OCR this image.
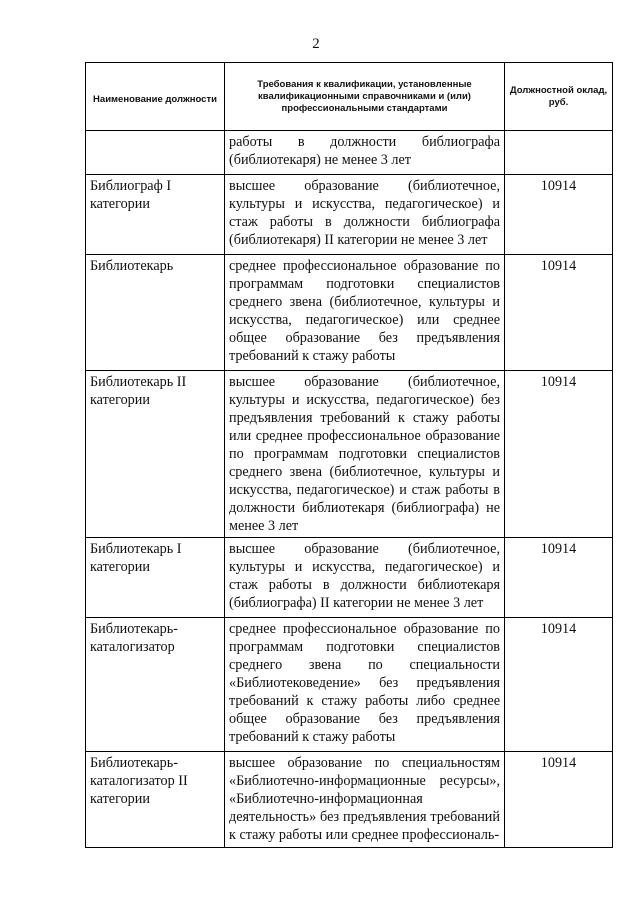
2
Наименование должности	Требования к квалификации, установленные квалификационными справочниками и (или) профессиональными стандартами	Должностной оклад, руб.
	работы в должности библиографа (библиотекаря) не менее 3 лет	
Библиограф I категории	высшее образование (библиотечное, культуры и искусства, педагогическое) и стаж работы в должности библиографа (библиотекаря) II категории не менее 3 лет	10914
Библиотекарь	среднее профессиональное образование по программам подготовки специалистов среднего звена (библиотечное, культуры и искусства, педагогическое) или среднее общее образование без предъявления требований к стажу работы	10914
Библиотекарь II категории	высшее образование (библиотечное, культуры и искусства, педагогическое) без предъявления требований к стажу работы или среднее профессиональное образование по программам подготовки специалистов среднего звена (библиотечное, культуры и искусства, педагогическое) и стаж работы в должности библиотекаря (библиографа) не менее 3 лет	10914
Библиотекарь I категории	высшее образование (библиотечное, культуры и искусства, педагогическое) и стаж работы в должности библиотекаря (библиографа) II категории не менее 3 лет	10914
Библиотекарь-каталогизатор	среднее профессиональное образование по программам подготовки специалистов среднего звена по специальности «Библиотековедение» без предъявления требований к стажу работы либо среднее общее образование без предъявления требований к стажу работы	10914
Библиотекарь-каталогизатор II категории	высшее образование по специальностям «Библиотечно-информационные ресурсы», «Библиотечно-информационная деятельность» без предъявления требований к стажу работы или среднее профессиональ-	10914
